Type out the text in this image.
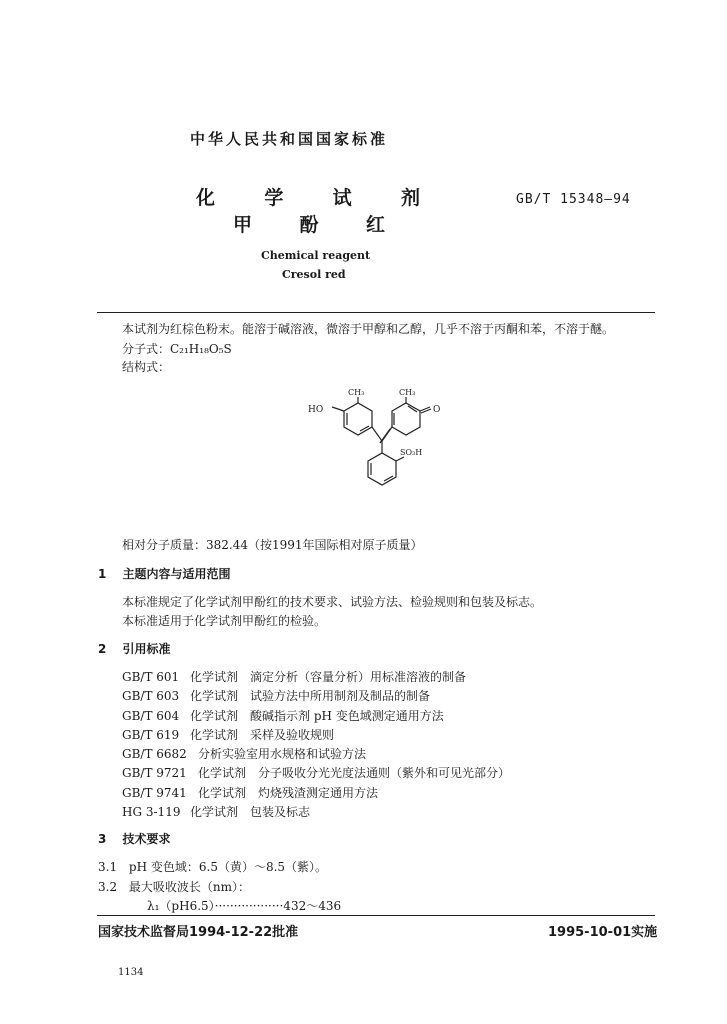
中华人民共和国国家标准
化	学	试	剂	GB/T 15348—94
甲 酚 红
Chemical reagent
Cresol red
本试剂为红棕色粉末。能溶于碱溶液，微溶于甲醇和乙醇，几乎不溶于丙酮和苯，不溶于醚。
分子式：C₂₁H₁₈O₅S
结构式：
HO
CH₃	CH₃
O
SO₃H
相对分子质量：382.44（按1991年国际相对原子质量）
1 主题内容与适用范围
本标准规定了化学试剂甲酚红的技术要求、试验方法、检验规则和包装及标志。
本标准适用于化学试剂甲酚红的检验。
2 引用标准
GB/T 601 化学试剂　滴定分析（容量分析）用标准溶液的制备
GB/T 603 化学试剂　试验方法中所用制剂及制品的制备
GB/T 604 化学试剂　酸碱指示剂 pH 变色域测定通用方法
GB/T 619 化学试剂　采样及验收规则
GB/T 6682 分析实验室用水规格和试验方法
GB/T 9721 化学试剂　分子吸收分光光度法通则（紫外和可见光部分）
GB/T 9741 化学试剂　灼烧残渣测定通用方法
HG 3-119 化学试剂　包装及标志
3 技术要求
3.1 pH 变色域：6.5（黄）～8.5（紫）。
3.2 最大吸收波长（nm）：
λ₁（pH6.5）··················432～436
国家技术监督局1994-12-22批准	1995-10-01实施
1134
